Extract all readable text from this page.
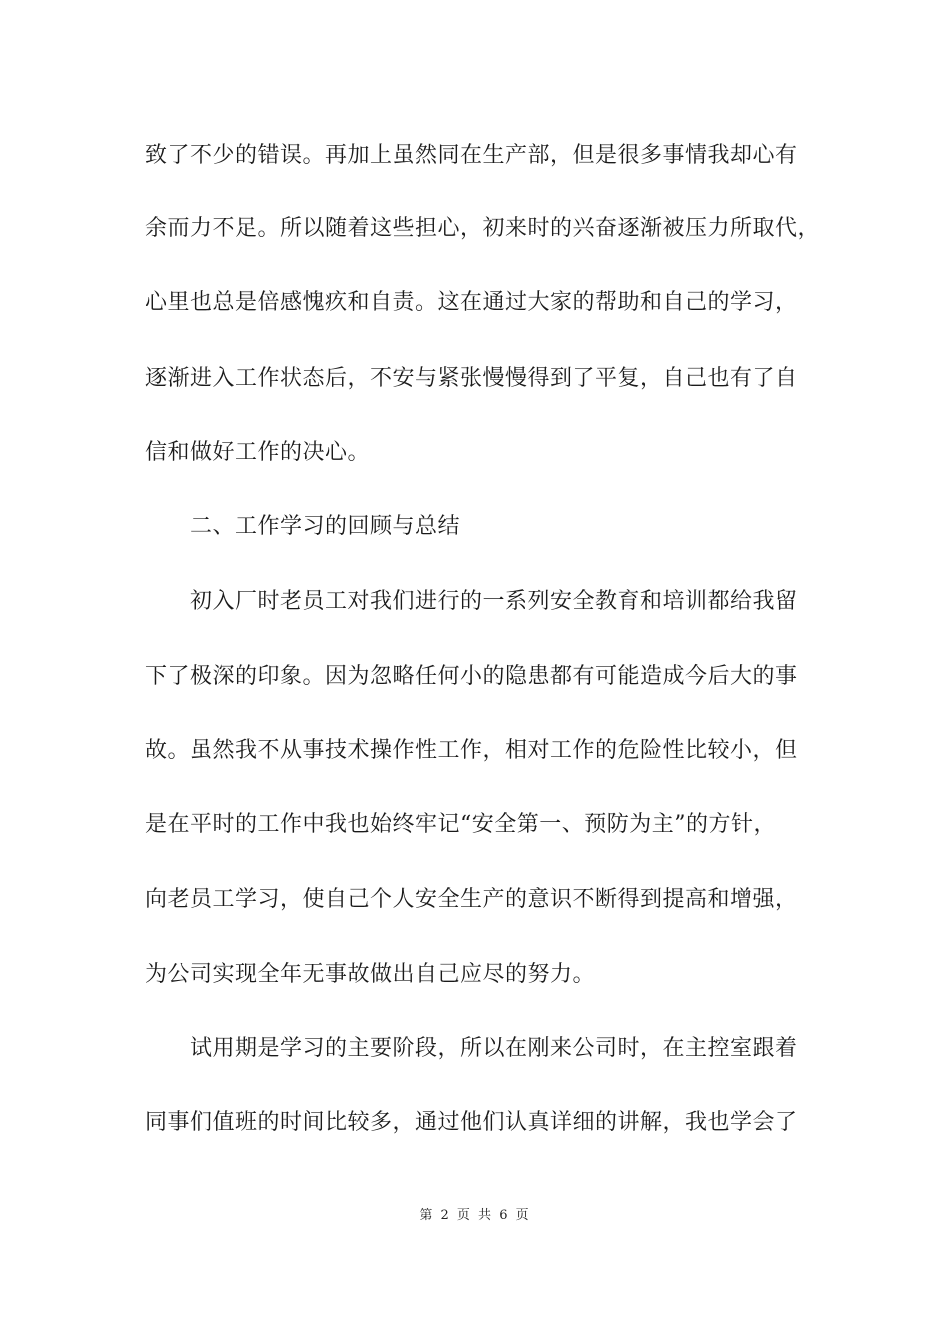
致了不少的错误。再加上虽然同在生产部，但是很多事情我却心有
余而力不足。所以随着这些担心，初来时的兴奋逐渐被压力所取代，
心里也总是倍感愧疚和自责。这在通过大家的帮助和自己的学习，
逐渐进入工作状态后，不安与紧张慢慢得到了平复，自己也有了自
信和做好工作的决心。
二、工作学习的回顾与总结
初入厂时老员工对我们进行的一系列安全教育和培训都给我留
下了极深的印象。因为忽略任何小的隐患都有可能造成今后大的事
故。虽然我不从事技术操作性工作，相对工作的危险性比较小，但
是在平时的工作中我也始终牢记“安全第一、预防为主”的方针，
向老员工学习，使自己个人安全生产的意识不断得到提高和增强，
为公司实现全年无事故做出自己应尽的努力。
试用期是学习的主要阶段，所以在刚来公司时，在主控室跟着
同事们值班的时间比较多，通过他们认真详细的讲解，我也学会了
第 2 页 共 6 页
